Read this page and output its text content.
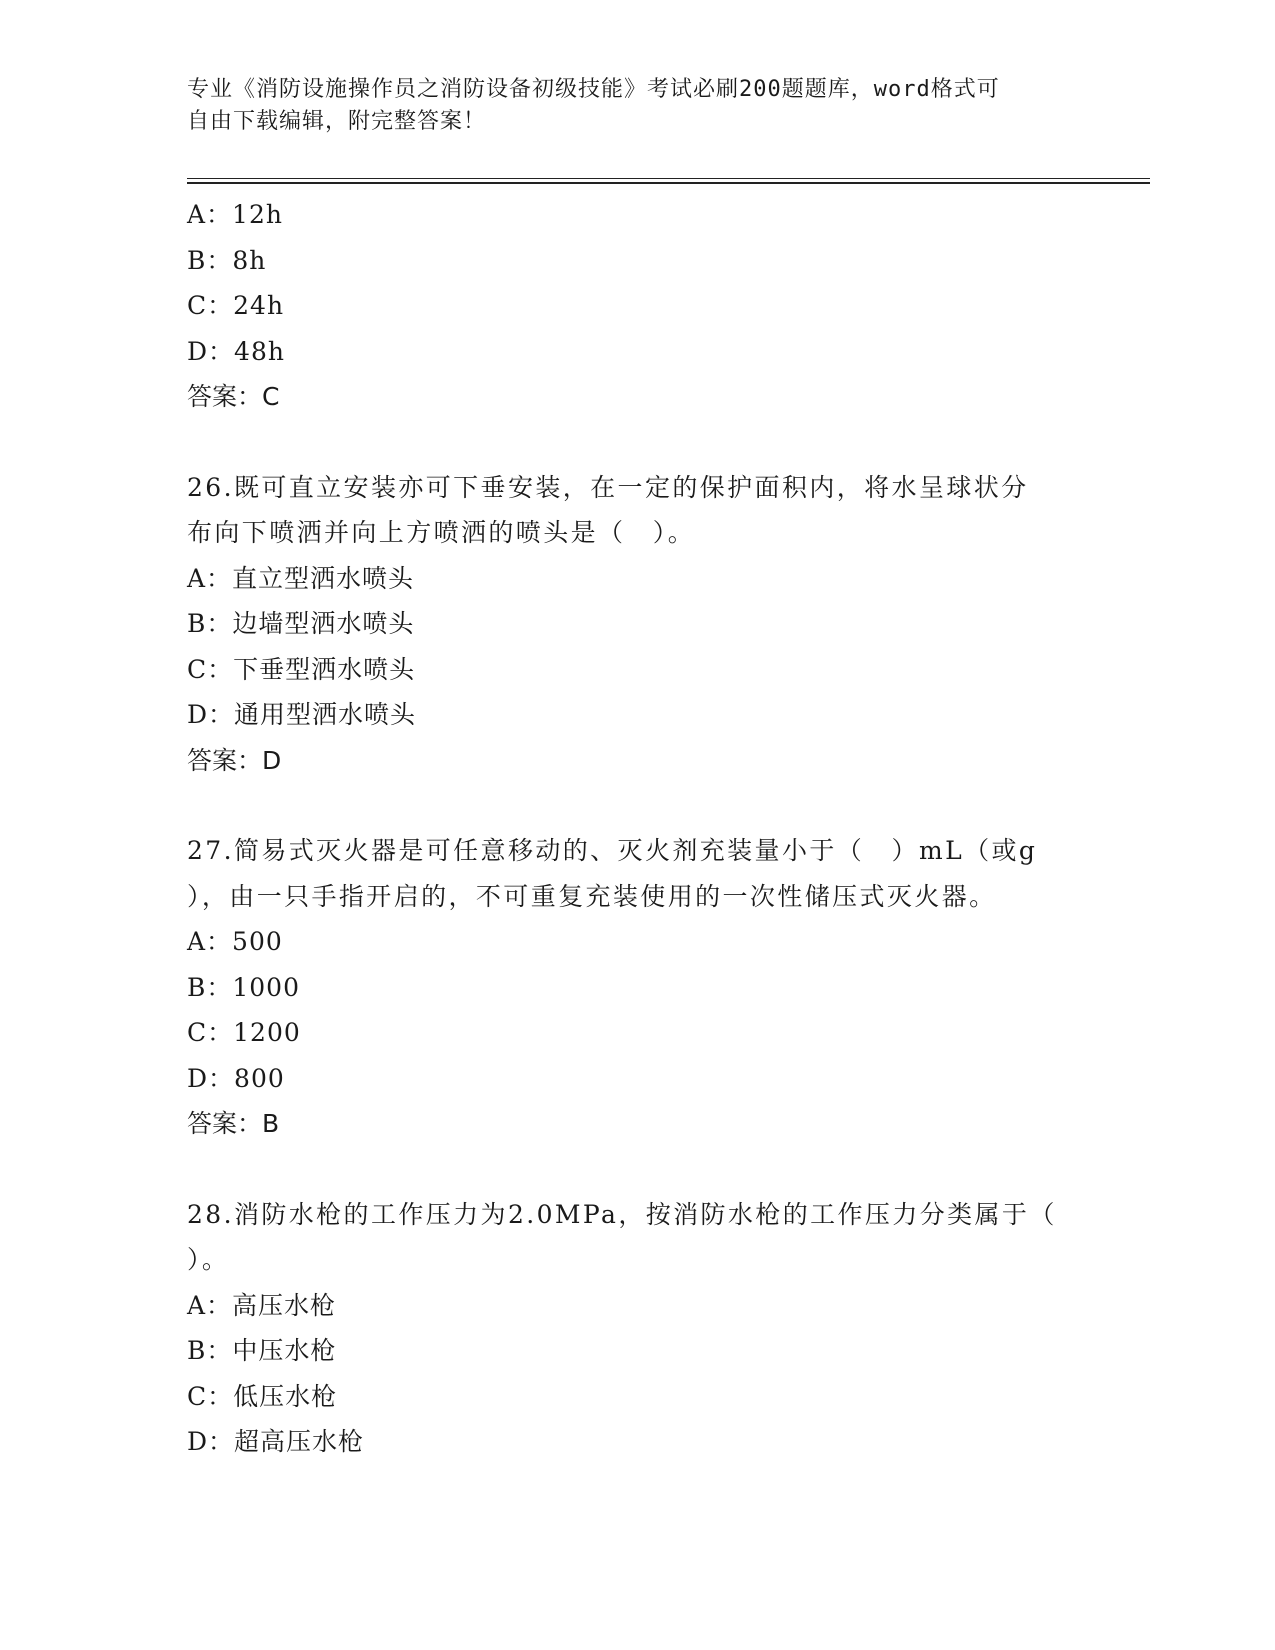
专业《消防设施操作员之消防设备初级技能》考试必刷200题题库，word格式可
自由下载编辑，附完整答案！
A：12h
B：8h
C：24h
D：48h
答案：C
26.既可直立安装亦可下垂安装，在一定的保护面积内，将水呈球状分
布向下喷洒并向上方喷洒的喷头是（　）。
A：直立型洒水喷头
B：边墙型洒水喷头
C：下垂型洒水喷头
D：通用型洒水喷头
答案：D
27.简易式灭火器是可任意移动的、灭火剂充装量小于（　）mL（或g
），由一只手指开启的，不可重复充装使用的一次性储压式灭火器。
A：500
B：1000
C：1200
D：800
答案：B
28.消防水枪的工作压力为2.0MPa，按消防水枪的工作压力分类属于（
）。
A：高压水枪
B：中压水枪
C：低压水枪
D：超高压水枪
